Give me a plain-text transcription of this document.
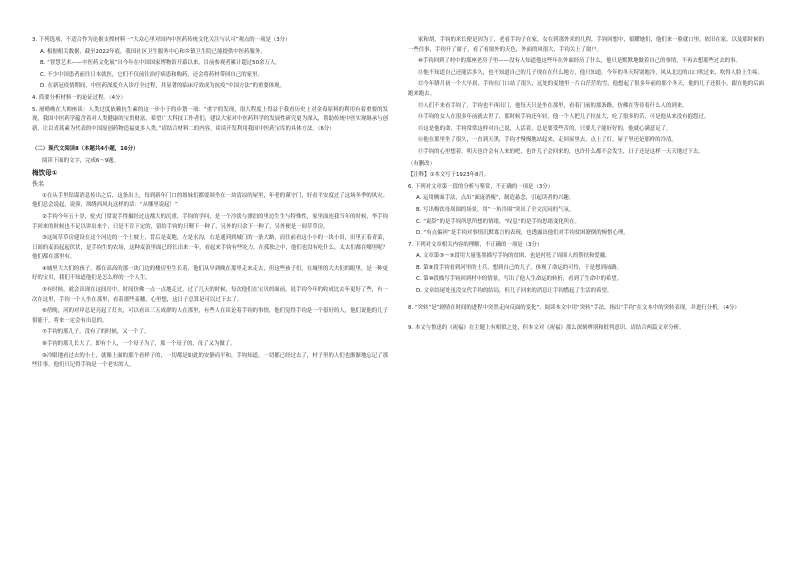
3. 下列选项，不适合作为论据支撑材料一“大众心里对国内中医药传统文化关注与认可”观点的一项是（3分）

A. 根据相关数据，截至2022年底，我国社区卫生服务中心和乡镇卫生院已能提供中医药服务。

B. “智慧艺术——中医药文化展”自今年在中国国家博物馆开幕以来，目前参观者累计超过50余万人。

C. 不少中国患者前往日本就医，它们不仅前往治疗病患和购药，还会将药材带回自己的家里。

D. 在新冠疫情期间，中医药深度介入诊疗全过程，其显著的临床疗效成为抗疫“中国方法”的重要体现。

4. 简要分析材料一的论证过程。（4分）

5. 屠呦呦在大师座谈：人类过度依赖抗生素的这一步小于的步划一项：“重宇的发现，很大程度上得益于我看历史上对金毒原料的利用有着重要的发现，我国中医药学蕴含着对人类健康的宝贵财富，希望广大科技工作者们，建议大家对中医药科学的发展性研究更为深入，帮助传统中医实现继承与创新，让以青蒿素为代表的中国原创药物造福更多人类。”请结合材料二的内容，谈谈开发利用我国中医药宝库的具体方法。（6分）

（二）现代文阅读Ⅱ（本题共4小题，16分）

阅读下面的文字，完成6～9题。

梅饮母①

佚名

①在从手里钻谋消息传出之后，这条出上，每到新年门口的姐妹们都要围坐在一块清凉的屋里，年老的谨守门，好看平安度过了这场冬季的风灾。他们总会说起，说蓉，坝绣西风丸这样的话：“从哪里说起！”

②手钧今年五十岁，驼火门常说手得摄经过这都大的沉重，手钧的学问，是一个冷淡与漂泊的里边生生与特殊性，家里面连我当年的时候，李手钧手回来的时候也不足以讲出来个，只是不肯下定的，留给手钧的只剩下一种了，另外的只余下一种了，另外便是一间草草房。

③这间草草房建设在这个河边的一个土坡上，背后是麦地，左是水沟，右是通到到城门的一条大路，而往前看这小小的一块小田，田里正着青菜，日间的麦浪起起伏伏，是手钧生的农场，这种麦浪里面已经长出来一年，看起来手钧有些吃力，在孤独之中，他们也没有吃什么。太太们都在哪里呢？他们都在那里有。

④城里大大们的孩子，都在高高的那一块门边的楼房里生长着，他们从早到晚在那里走来走去，但这些孩子们，在城里的大夫们的眼里，是一种更好的宝贝，我们不知道他们是怎么样的一个人生。

⑤有时候，就会出现在这间房中，时间仿佛一点一点地走过，过了几天的时候，每次他们在宝贝的面前，说手钧今年的收成比去年更好了些，有一次在这里，手钧一个人坐在那里，看着那些麦穗，心里想，这日子总算是可以过下去了。

⑥傍晚，河的对岸总是亮起了灯火，可以看出三五成群的人在那里，有些人在谈论着手钧的事情，他们觉得手钧是一个很好的人，他们说他的儿子很能干，将来一定会有出息的。

⑦手钧的那儿子，没有了的时候，又一个了。

⑧手钧的那儿长大了，即有个人，一个母子为了，那一个母子的，母了又为做了。

⑨冷眼地看过去的小土，就像上面的那个看样子的，一切都是如此的安静而平和，手钧知道，一切都已经过去了，村子里的人们也渐渐地忘记了那些往事，他们只记得手钧是一个老实的人。

家和胡，手钧的米长便是因为丁，老看手钧子在家，女在到那外米的几程，手钧回想中，狼耀她们，他们来一脸就口里，依旧在家，以及那时候的一些往事，手钧开了窗子，看了看窗外的天色，外面的风很大，手钧关上了窗户。

⑩手钧回到了村中的那座老房子里——没有人知道他这些年在外面经历了什么，他只是默默地做着自己的事情，不再去想那些过去的事。

⑪他不知道自己还能活多久，也不知道自己的儿子现在在什么地方，他只知道，今年的冬天特别地冷，风从北边的山口吹过来，吹得人脸上生疼。

⑫今年腊月初一个大早晨，手钧在门口站了很久，远处的麦地里一片白茫茫的雪，他想起了很多年前的那个冬天，他的儿子还很小，跟在他的后面跑来跑去。

⑬人们不来看手钧了，手钧也不再出门，他每天只是坐在那里，看着门前的那条路，仿佛在等待着什么人的到来。

⑭手钧的女人在很多年前就去世了，那时候手钧还年轻，他一个人把儿子拉扯大，吃了很多的苦，可是他从来没有抱怨过。

⑮这是他的命，手钧常常这样对自己说，人活着，总是要受些苦的，只要儿子能好好的，他就心满意足了。

⑯他在那里坐了很久，一直到天黑，手钧才慢慢地站起来，走回屋里去，点上了灯，屋子里还是那样的冷清。

⑰手钧的心里想着，明天也许会有人来的吧，也许儿子会回来的，也许什么都不会发生，日子还是这样一天天地过下去。

（有删改）

【注释】①本文写于1923年8月。

6. 下列对文章第一段的分析与鉴赏，不正确的一项是（3分）

A. 运用侧面手法，点出“面庞消瘦”，制造悬念，引起读者的兴趣。

B. 写出梅饮母周围的场景，用“一角冷围”突出了全文沉闷的气氛。

C. “说辞”的是手钧所思所想的情绪，“叹息”的是手钧思绪变化所在。

D. “有点偏袒”是手钧对事情沉默寡言的表现，也透露出他们对手钧贫困潦倒的惋惜心理。

7. 下列对文章相关内容的理解，不正确的一项是（3分）

A. 文章第③～⑤段用大量笔墨描写手钧的贫困，也是衬托了周围人的帮扶和爱戴。

B. 第⑨段手钧看到河里的士兵，想到自己的儿子，体现了命运的可怜，于是想到前路。

C. 第⑩段描写手钧回到村中的情景，写出了他人生命运的转折，看到了生命中的希望。

D. 文章结尾处虽没交代手钧的结局，但儿子回来的消息让手钧燃起了生活的希望。

8. “突转”是“剧情在时间的进程中突然走向反面的变化”。阅读本文中用“突转”手法，指出“手钧”在文本中的突转表现，并进行分析。（4分）

9. 本文与鲁迅的《祝福》在主题上有相似之处，但本文对《祝福》那么深刻辨别和批判意识，请结合两篇文章分析。
